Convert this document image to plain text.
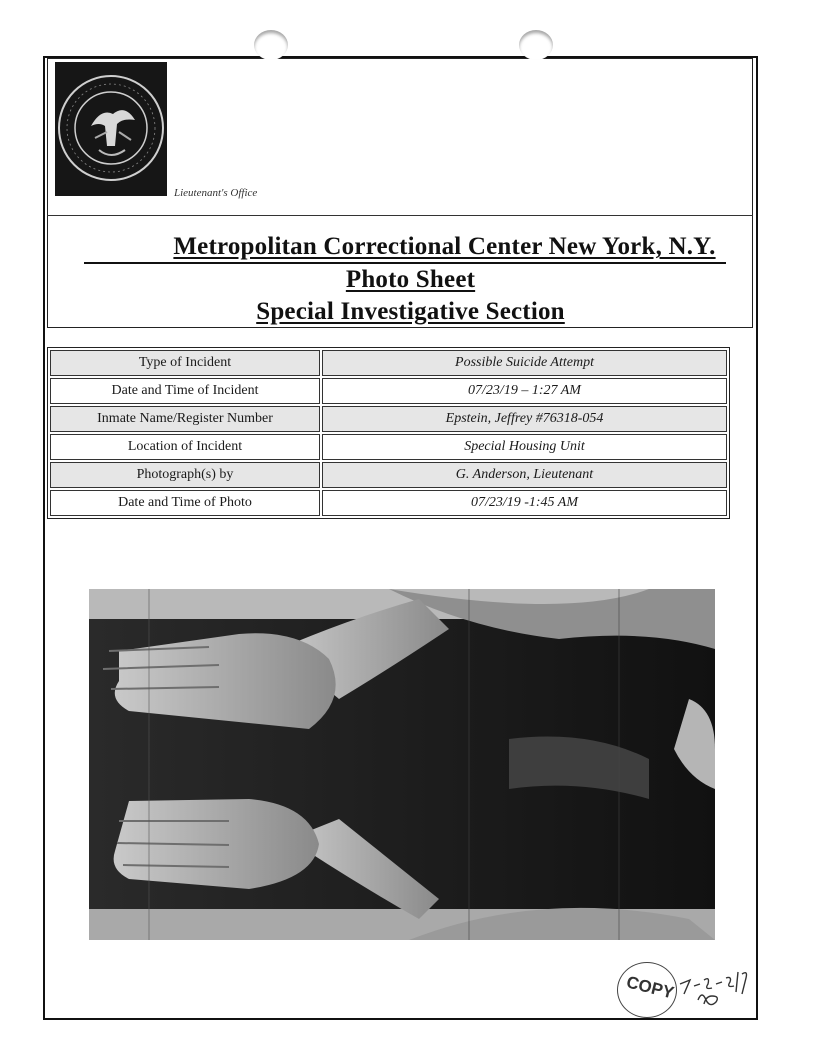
Lieutenant's Office
Metropolitan Correctional Center New York, N.Y.
Photo Sheet
Special Investigative Section
Type of Incident	Possible Suicide Attempt
Date and Time of Incident	07/23/19 – 1:27 AM
Inmate Name/Register Number	Epstein, Jeffrey #76318-054
Location of Incident	Special Housing Unit
Photograph(s) by	G. Anderson, Lieutenant
Date and Time of Photo	07/23/19 -1:45 AM
COPY
